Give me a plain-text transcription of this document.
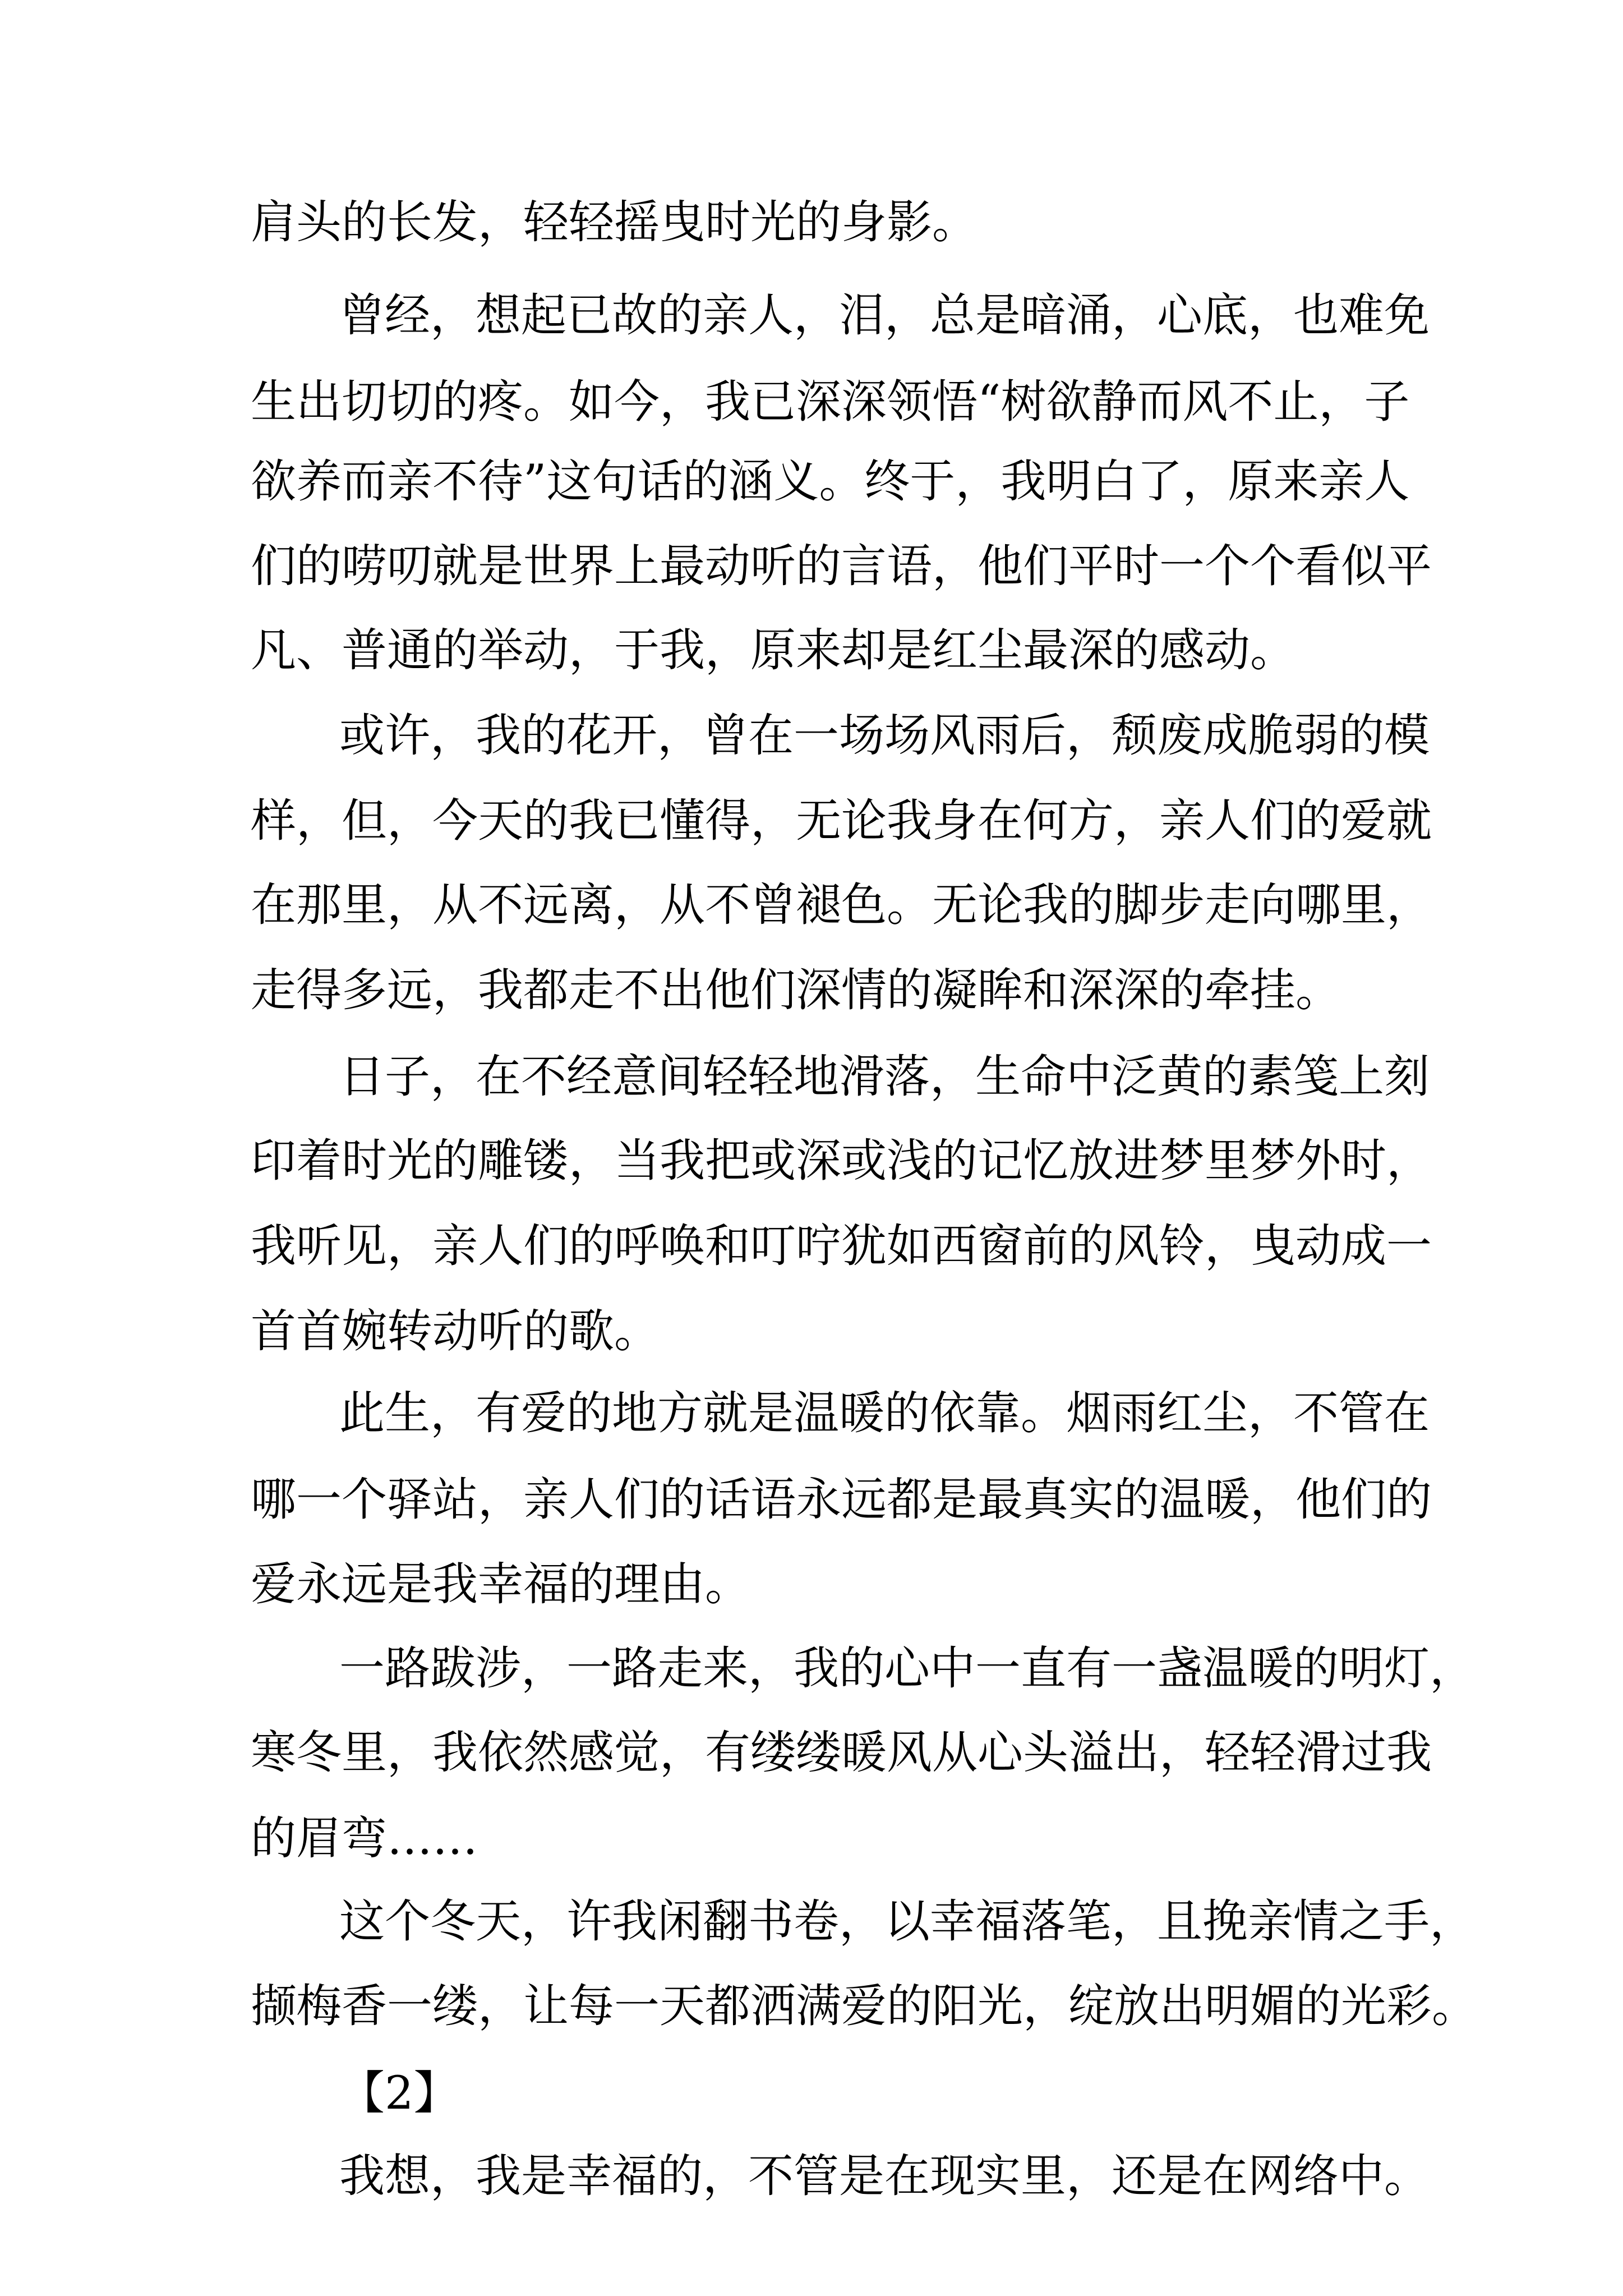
肩头的长发，轻轻摇曳时光的身影。

曾经，想起已故的亲人，泪，总是暗涌，心底，也难免

生出切切的疼。如今，我已深深领悟“树欲静而风不止，子

欲养而亲不待”这句话的涵义。终于，我明白了，原来亲人

们的唠叨就是世界上最动听的言语，他们平时一个个看似平

凡、普通的举动，于我，原来却是红尘最深的感动。

或许，我的花开，曾在一场场风雨后，颓废成脆弱的模

样，但，今天的我已懂得，无论我身在何方，亲人们的爱就

在那里，从不远离，从不曾褪色。无论我的脚步走向哪里，

走得多远，我都走不出他们深情的凝眸和深深的牵挂。

日子，在不经意间轻轻地滑落，生命中泛黄的素笺上刻

印着时光的雕镂，当我把或深或浅的记忆放进梦里梦外时，

我听见，亲人们的呼唤和叮咛犹如西窗前的风铃，曳动成一

首首婉转动听的歌。

此生，有爱的地方就是温暖的依靠。烟雨红尘，不管在

哪一个驿站，亲人们的话语永远都是最真实的温暖，他们的

爱永远是我幸福的理由。

一路跋涉，一路走来，我的心中一直有一盏温暖的明灯，

寒冬里，我依然感觉，有缕缕暖风从心头溢出，轻轻滑过我

的眉弯……

这个冬天，许我闲翻书卷，以幸福落笔，且挽亲情之手，

撷梅香一缕，让每一天都洒满爱的阳光，绽放出明媚的光彩。

【2】

我想，我是幸福的，不管是在现实里，还是在网络中。
